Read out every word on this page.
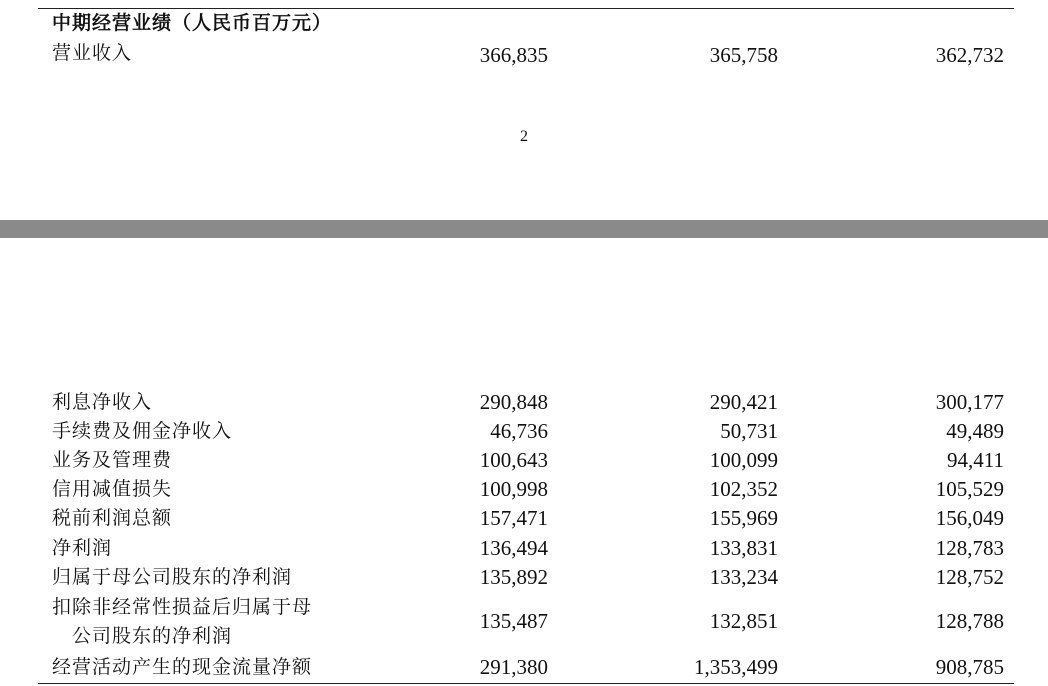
中期经营业绩（人民币百万元）
营业收入	366,835	365,758	362,732
2
利息净收入	290,848	290,421	300,177
手续费及佣金净收入	46,736	50,731	49,489
业务及管理费	100,643	100,099	94,411
信用减值损失	100,998	102,352	105,529
税前利润总额	157,471	155,969	156,049
净利润	136,494	133,831	128,783
归属于母公司股东的净利润	135,892	133,234	128,752
扣除非经常性损益后归属于母
公司股东的净利润
135,487	132,851	128,788
经营活动产生的现金流量净额	291,380	1,353,499	908,785
